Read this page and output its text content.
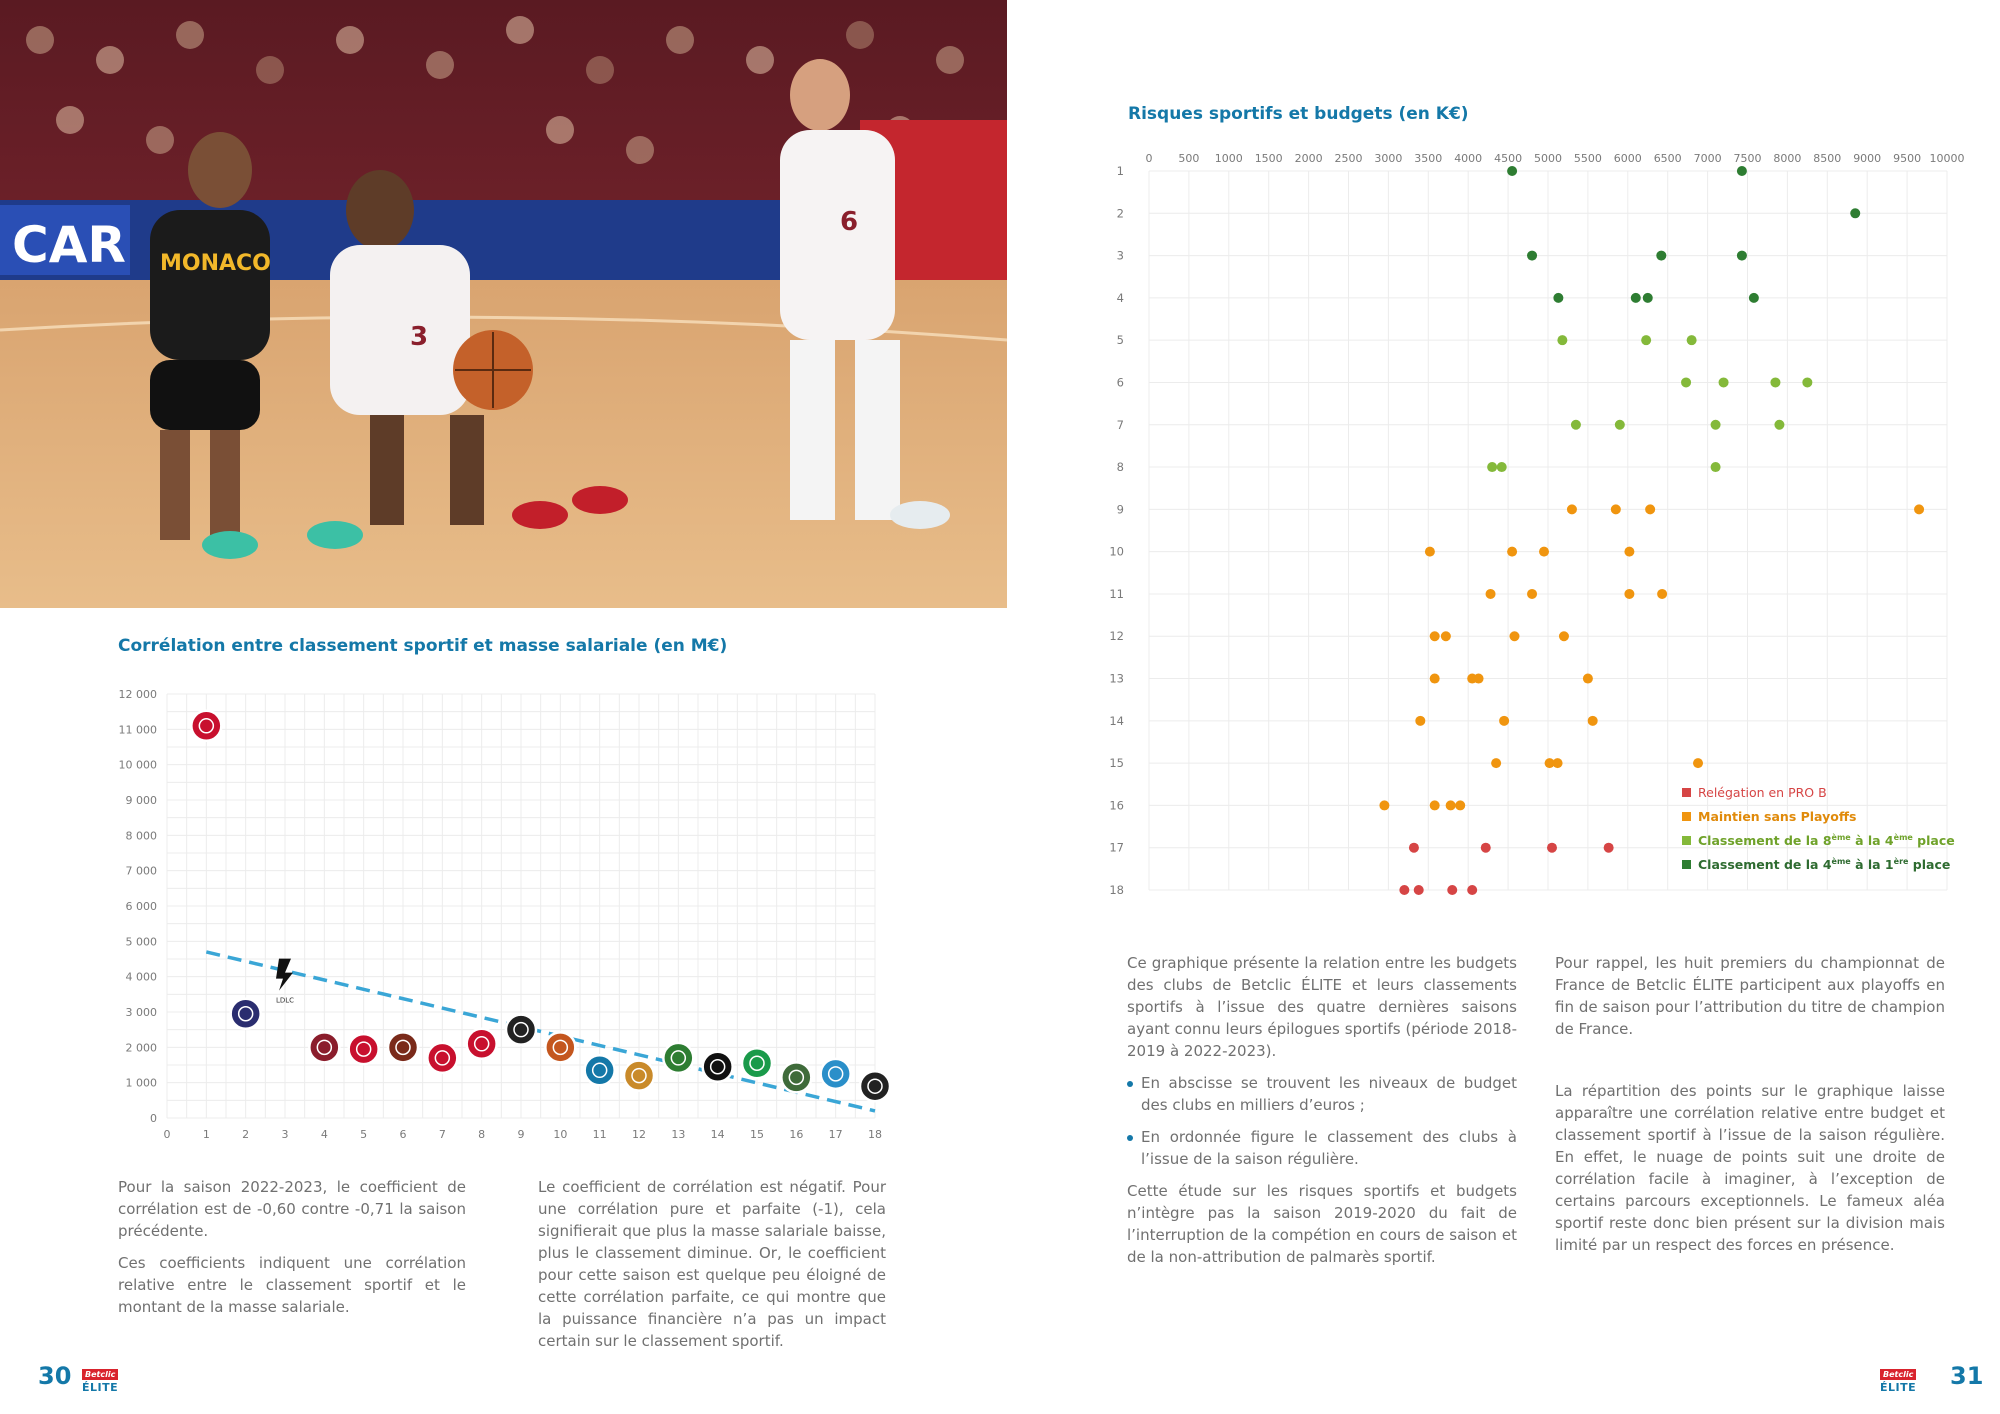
CAR MONACO
3
6
Corrélation entre classement sportif et masse salariale (en M€)
12 000
11 000
10 000
9 000
8 000
7 000
6 000
5 000
4 000
3 000
2 000
1 000
0
0	1	2	3	4	5	6	7	8	9	10 11 12 13 14 15 16 17 18
LDLC
Risques sportifs et budgets (en K€)
0 500 1000 1500 2000 2500 3000 3500 4000 4500 5000 5500 6000 6500 7000 7500 8000 8500 9000 9500 10000
1
2
3
4
5
6
7
8
9
10
11
12
13
14
15
16
17
18
Relégation en PRO B
Maintien sans Playoffs
Classement de la 8ème à la 4ème place
Classement de la 4ème à la 1ère place

Pour la saison 2022-2023, le coefficient de corrélation est de -0,60 contre -0,71 la saison précédente.

Ces coefficients indiquent une corrélation relative entre le classement sportif et le montant de la masse salariale.

Le coefficient de corrélation est négatif. Pour une corrélation pure et parfaite (-1), cela signifierait que plus la masse salariale baisse, plus le classement diminue. Or, le coefficient pour cette saison est quelque peu éloigné de cette corrélation parfaite, ce qui montre que la puissance financière n’a pas un impact certain sur le classement sportif.

Ce graphique présente la relation entre les budgets des clubs de Betclic ÉLITE et leurs classements sportifs à l’issue des quatre dernières saisons ayant connu leurs épilogues sportifs (période 2018-2019 à 2022-2023).

En abscisse se trouvent les niveaux de budget des clubs en milliers d’euros ;

En ordonnée figure le classement des clubs à l’issue de la saison régulière.

Cette étude sur les risques sportifs et budgets n’intègre pas la saison 2019-2020 du fait de l’interruption de la compétion en cours de saison et de la non-attribution de palmarès sportif.

Pour rappel, les huit premiers du championnat de France de Betclic ÉLITE participent aux playoffs en fin de saison pour l’attribution du titre de champion de France.

La répartition des points sur le graphique laisse apparaître une corrélation relative entre budget et classement sportif à l’issue de la saison régulière. En effet, le nuage de points suit une droite de corrélation facile à imaginer, à l’exception de certains parcours exceptionnels. Le fameux aléa sportif reste donc bien présent sur la division mais limité par un respect des forces en présence.

30	Betclic
ÉLITE
Betclic
ÉLITE 31
